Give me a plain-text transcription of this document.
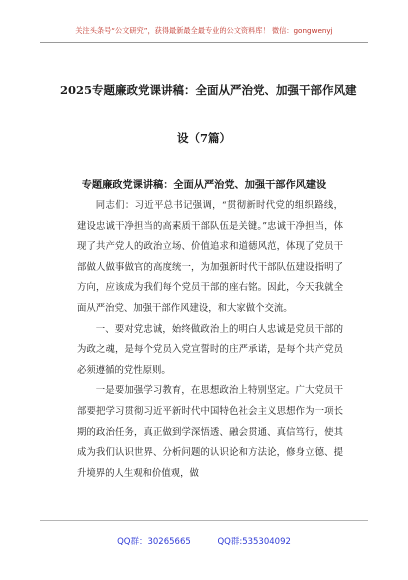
关注头条号“公文研究”，获得最新最全最专业的公文资料库！ 微信：gongwenyj
2025专题廉政党课讲稿：全面从严治党、加强干部作风建
设（7篇）
专题廉政党课讲稿：全面从严治党、加强干部作风建设

同志们：习近平总书记强调，“贯彻新时代党的组织路线，建设忠诚干净担当的高素质干部队伍是关键。”忠诚干净担当，体现了共产党人的政治立场、价值追求和道德风范，体现了党员干部做人做事做官的高度统一，为加强新时代干部队伍建设指明了方向，应该成为我们每个党员干部的座右铭。因此，今天我就全面从严治党、加强干部作风建设，和大家做个交流。

一、要对党忠诚，始终做政治上的明白人忠诚是党员干部的为政之魂，是每个党员入党宣誓时的庄严承诺，是每个共产党员必须遵循的党性原则。

一是要加强学习教育，在思想政治上特别坚定。广大党员干部要把学习贯彻习近平新时代中国特色社会主义思想作为一项长期的政治任务，真正做到学深悟透、融会贯通、真信笃行，使其成为我们认识世界、分析问题的认识论和方法论，修身立德、提升境界的人生观和价值观，做

QQ群：30265665	QQ群:535304092
